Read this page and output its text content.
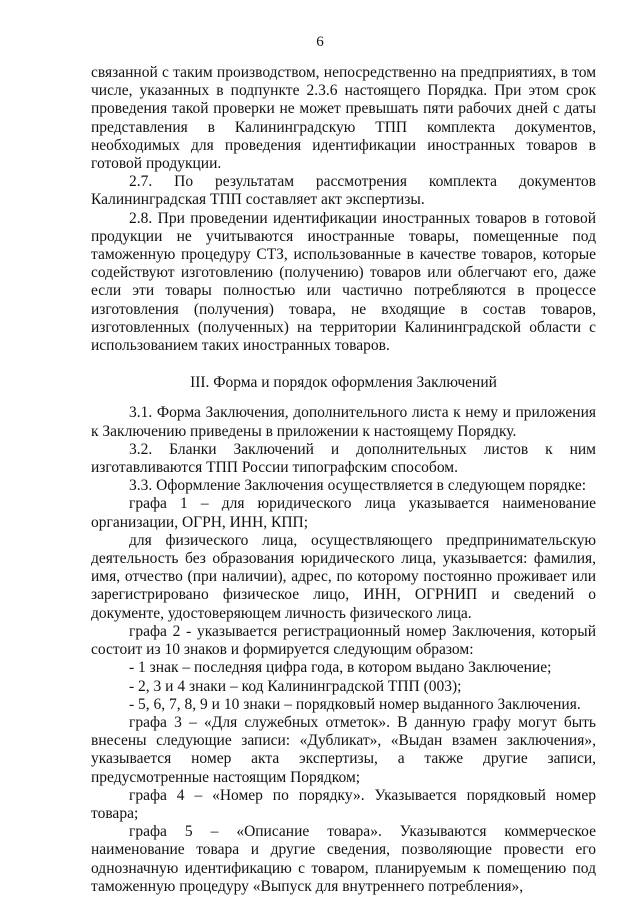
6

связанной с таким производством, непосредственно на предприятиях, в том числе, указанных в подпункте 2.3.6 настоящего Порядка. При этом срок проведения такой проверки не может превышать пяти рабочих дней с даты представления в Калининградскую ТПП комплекта документов, необходимых для проведения идентификации иностранных товаров в готовой продукции.

2.7. По результатам рассмотрения комплекта документов Калининградская ТПП составляет акт экспертизы.

2.8. При проведении идентификации иностранных товаров в готовой продукции не учитываются иностранные товары, помещенные под таможенную процедуру СТЗ, использованные в качестве товаров, которые содействуют изготовлению (получению) товаров или облегчают его, даже если эти товары полностью или частично потребляются в процессе изготовления (получения) товара, не входящие в состав товаров, изготовленных (полученных) на территории Калининградской области с использованием таких иностранных товаров.

III. Форма и порядок оформления Заключений

3.1. Форма Заключения, дополнительного листа к нему и приложения к Заключению приведены в приложении к настоящему Порядку.

3.2. Бланки Заключений и дополнительных листов к ним изготавливаются ТПП России типографским способом.

3.3. Оформление Заключения осуществляется в следующем порядке:

графа 1 – для юридического лица указывается наименование организации, ОГРН, ИНН, КПП;

для физического лица, осуществляющего предпринимательскую деятельность без образования юридического лица, указывается: фамилия, имя, отчество (при наличии), адрес, по которому постоянно проживает или зарегистрировано физическое лицо, ИНН, ОГРНИП и сведений о документе, удостоверяющем личность физического лица.

графа 2 - указывается регистрационный номер Заключения, который состоит из 10 знаков и формируется следующим образом:

- 1 знак – последняя цифра года, в котором выдано Заключение;

- 2, 3 и 4 знаки – код Калининградской ТПП (003);

- 5, 6, 7, 8, 9 и 10 знаки – порядковый номер выданного Заключения.

графа 3 – «Для служебных отметок». В данную графу могут быть внесены следующие записи: «Дубликат», «Выдан взамен заключения», указывается номер акта экспертизы, а также другие записи, предусмотренные настоящим Порядком;

графа 4 – «Номер по порядку». Указывается порядковый номер товара;

графа 5 – «Описание товара». Указываются коммерческое наименование товара и другие сведения, позволяющие провести его однозначную идентификацию с товаром, планируемым к помещению под таможенную процедуру «Выпуск для внутреннего потребления»,
